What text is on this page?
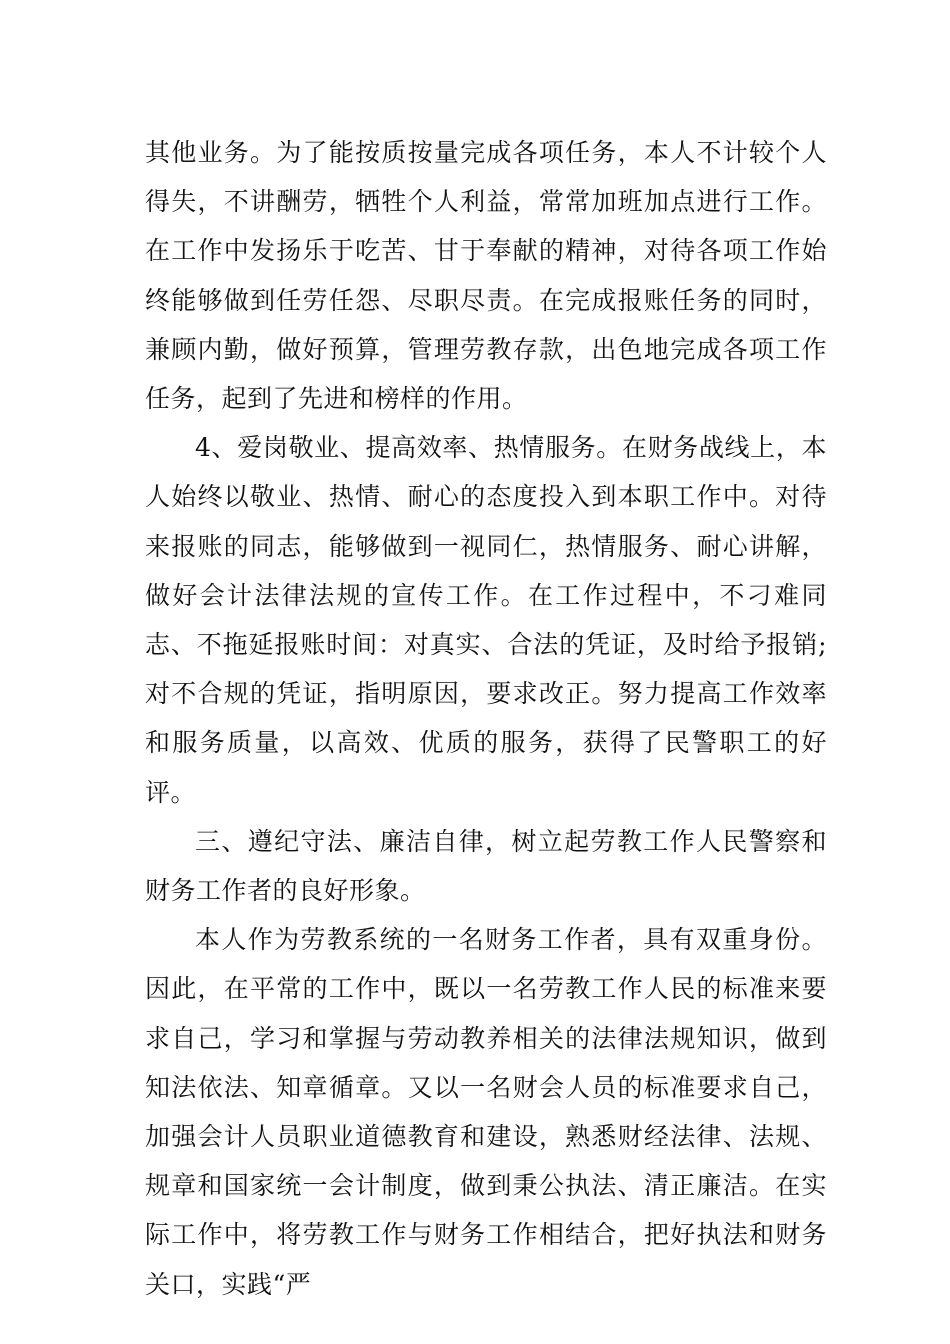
其他业务。为了能按质按量完成各项任务，本人不计较个人得失，不讲酬劳，牺牲个人利益，常常加班加点进行工作。在工作中发扬乐于吃苦、甘于奉献的精神，对待各项工作始终能够做到任劳任怨、尽职尽责。在完成报账任务的同时，兼顾内勤，做好预算，管理劳教存款，出色地完成各项工作任务，起到了先进和榜样的作用。

4、爱岗敬业、提高效率、热情服务。在财务战线上，本人始终以敬业、热情、耐心的态度投入到本职工作中。对待来报账的同志，能够做到一视同仁，热情服务、耐心讲解，做好会计法律法规的宣传工作。在工作过程中，不刁难同志、不拖延报账时间：对真实、合法的凭证，及时给予报销;对不合规的凭证，指明原因，要求改正。努力提高工作效率和服务质量，以高效、优质的服务，获得了民警职工的好评。

三、遵纪守法、廉洁自律，树立起劳教工作人民警察和财务工作者的良好形象。

本人作为劳教系统的一名财务工作者，具有双重身份。因此，在平常的工作中，既以一名劳教工作人民的标准来要求自己，学习和掌握与劳动教养相关的法律法规知识，做到知法依法、知章循章。又以一名财会人员的标准要求自己，加强会计人员职业道德教育和建设，熟悉财经法律、法规、规章和国家统一会计制度，做到秉公执法、清正廉洁。在实际工作中，将劳教工作与财务工作相结合，把好执法和财务关口，实践“严
